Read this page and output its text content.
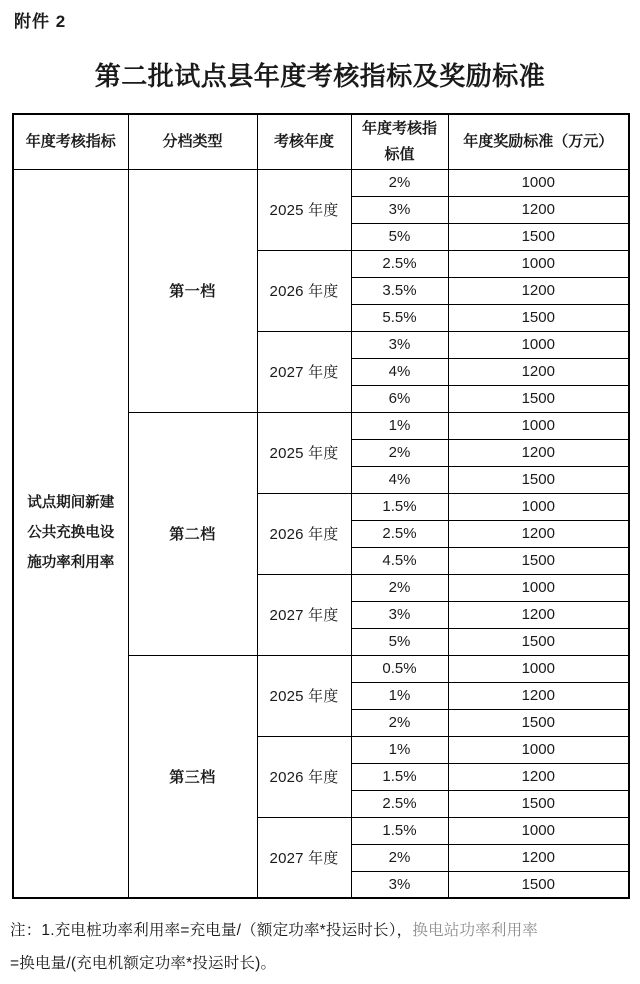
附件 2
第二批试点县年度考核指标及奖励标准
年度考核指标	分档类型	考核年度	年度考核指标值	年度奖励标准（万元）
试点期间新建公共充换电设施功率利用率	第一档	2025 年度	2%	1000
			3%	1200
			5%	1500
		2026 年度	2.5%	1000
			3.5%	1200
			5.5%	1500
		2027 年度	3%	1000
			4%	1200
			6%	1500
	第二档	2025 年度	1%	1000
			2%	1200
			4%	1500
		2026 年度	1.5%	1000
			2.5%	1200
			4.5%	1500
		2027 年度	2%	1000
			3%	1200
			5%	1500
	第三档	2025 年度	0.5%	1000
			1%	1200
			2%	1500
		2026 年度	1%	1000
			1.5%	1200
			2.5%	1500
		2027 年度	1.5%	1000
			2%	1200
			3%	1500
注：1.充电桩功率利用率=充电量/（额定功率*投运时长），换电站功率利用率
=换电量/(充电机额定功率*投运时长)。
